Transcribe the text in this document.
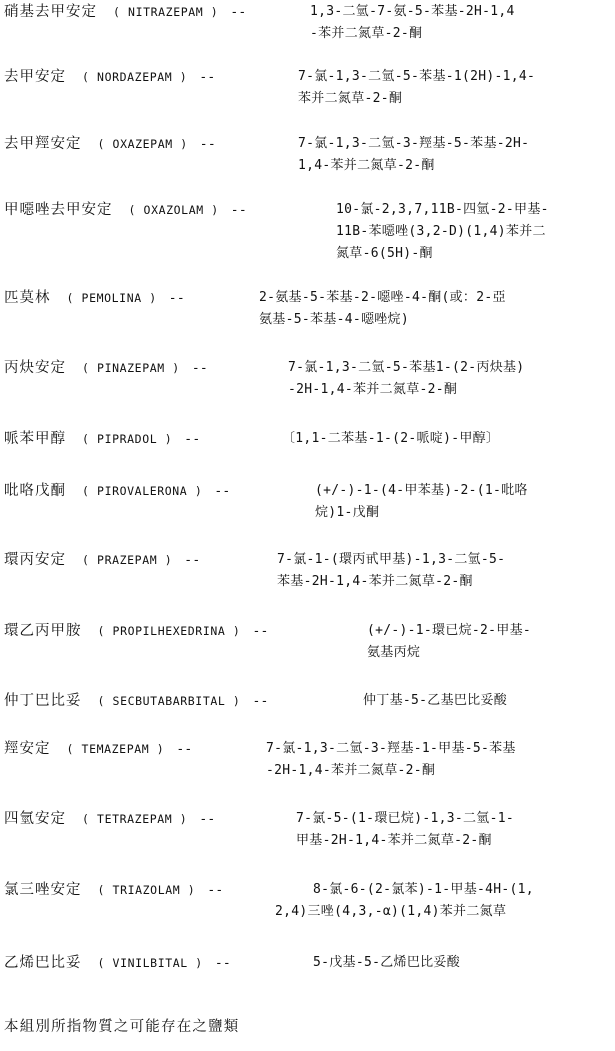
硝基去甲安定 ( NITRAZEPAM ) --	1,3-二氫-7-氨-5-苯基-2H-1,4
-苯并二氮草-2-酮
去甲安定 ( NORDAZEPAM ) --	7-氯-1,3-二氫-5-苯基-1(2H)-1,4-
苯并二氮草-2-酮
去甲羥安定 ( OXAZEPAM ) --	7-氯-1,3-二氫-3-羥基-5-苯基-2H-
1,4-苯并二氮草-2-酮
甲噁唑去甲安定 ( OXAZOLAM ) --	10-氯-2,3,7,11B-四氫-2-甲基-
11B-苯噁唑(3,2-D)(1,4)苯并二
氮草-6(5H)-酮
匹莫林 ( PEMOLINA ) --	2-氨基-5-苯基-2-噁唑-4-酮(或：2-亞
氨基-5-苯基-4-噁唑烷)
丙炔安定 ( PINAZEPAM ) --	7-氯-1,3-二氫-5-苯基1-(2-丙炔基)
-2H-1,4-苯并二氮草-2-酮
哌苯甲醇 ( PIPRADOL ) --	〔1,1-二苯基-1-(2-哌啶)-甲醇〕
吡咯戊酮 ( PIROVALERONA ) --	(+/-)-1-(4-甲苯基)-2-(1-吡咯
烷)1-戊酮
環丙安定 ( PRAZEPAM ) --	7-氯-1-(環丙甙甲基)-1,3-二氫-5-
苯基-2H-1,4-苯并二氮草-2-酮
環乙丙甲胺 ( PROPILHEXEDRINA ) --	(+/-)-1-環已烷-2-甲基-
氨基丙烷
仲丁巴比妥 ( SECBUTABARBITAL ) --	仲丁基-5-乙基巴比妥酸
羥安定 ( TEMAZEPAM ) --	7-氯-1,3-二氫-3-羥基-1-甲基-5-苯基
-2H-1,4-苯并二氮草-2-酮
四氫安定 ( TETRAZEPAM ) --	7-氯-5-(1-環已烷)-1,3-二氫-1-
甲基-2H-1,4-苯并二氮草-2-酮
氯三唑安定 ( TRIAZOLAM ) --	8-氯-6-(2-氯苯)-1-甲基-4H-(1,
2,4)三唑(4,3,-α)(1,4)苯并二氮草
乙烯巴比妥 ( VINILBITAL ) --	5-戊基-5-乙烯巴比妥酸
本組別所指物質之可能存在之鹽類
